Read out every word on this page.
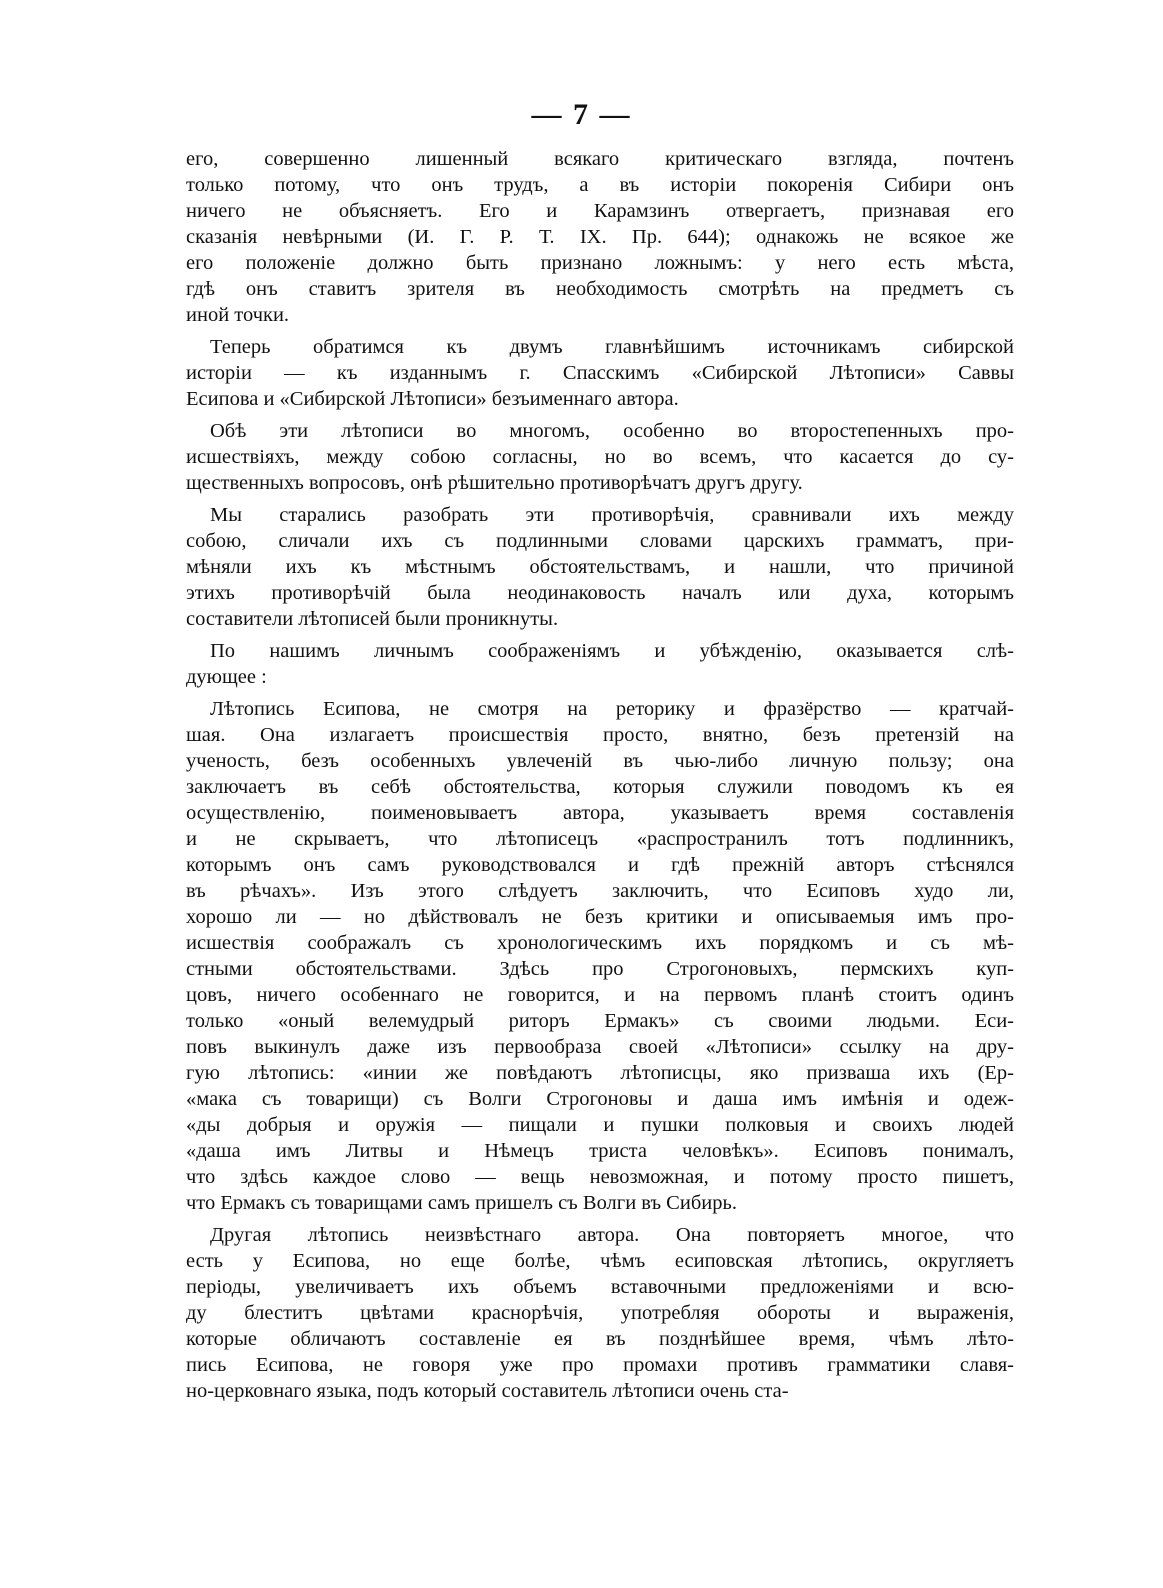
— 7 —
его, совершенно лишенный всякаго критическаго взгляда, почтенъ
только потому, что онъ трудъ, а въ исторіи покоренія Сибири онъ
ничего не объясняетъ. Его и Карамзинъ отвергаетъ, признавая его
сказанія невѣрными (И. Г. Р. Т. IX. Пр. 644); однакожь не всякое же
его положеніе должно быть признано ложнымъ: у него есть мѣста,
гдѣ онъ ставитъ зрителя въ необходимость смотрѣть на предметъ съ
иной точки.
Теперь обратимся къ двумъ главнѣйшимъ источникамъ сибирской
исторіи — къ изданнымъ г. Спасскимъ «Сибирской Лѣтописи» Саввы
Есипова и «Сибирской Лѣтописи» безъименнаго автора.
Обѣ эти лѣтописи во многомъ, особенно во второстепенныхъ про-
исшествіяхъ, между собою согласны, но во всемъ, что касается до су-
щественныхъ вопросовъ, онѣ рѣшительно противорѣчатъ другъ другу.
Мы старались разобрать эти противорѣчія, сравнивали ихъ между
собою, сличали ихъ съ подлинными словами царскихъ грамматъ, при-
мѣняли ихъ къ мѣстнымъ обстоятельствамъ, и нашли, что причиной
этихъ противорѣчій была неодинаковость началъ или духа, которымъ
составители лѣтописей были проникнуты.
По нашимъ личнымъ соображеніямъ и убѣжденію, оказывается слѣ-
дующее :
Лѣтопись Есипова, не смотря на реторику и фразёрство — кратчай-
шая. Она излагаетъ происшествія просто, внятно, безъ претензій на
ученость, безъ особенныхъ увлеченій въ чью-либо личную пользу; она
заключаетъ въ себѣ обстоятельства, которыя служили поводомъ къ ея
осуществленію, поименовываетъ автора, указываетъ время составленія
и не скрываетъ, что лѣтописецъ «распространилъ тотъ подлинникъ,
которымъ онъ самъ руководствовался и гдѣ прежній авторъ стѣснялся
въ рѣчахъ». Изъ этого слѣдуетъ заключить, что Есиповъ худо ли,
хорошо ли — но дѣйствовалъ не безъ критики и описываемыя имъ про-
исшествія соображалъ съ хронологическимъ ихъ порядкомъ и съ мѣ-
стными обстоятельствами. Здѣсь про Строгоновыхъ, пермскихъ куп-
цовъ, ничего особеннаго не говорится, и на первомъ планѣ стоитъ одинъ
только «оный велемудрый риторъ Ермакъ» съ своими людьми. Еси-
повъ выкинулъ даже изъ первообраза своей «Лѣтописи» ссылку на дру-
гую лѣтопись: «инии же повѣдаютъ лѣтописцы, яко призваша ихъ (Ер-
«мака съ товарищи) съ Волги Строгоновы и даша имъ имѣнія и одеж-
«ды добрыя и оружія — пищали и пушки полковыя и своихъ людей
«даша имъ Литвы и Нѣмецъ триста человѣкъ». Есиповъ понималъ,
что здѣсь каждое слово — вещь невозможная, и потому просто пишетъ,
что Ермакъ съ товарищами самъ пришелъ съ Волги въ Сибирь.
Другая лѣтопись неизвѣстнаго автора. Она повторяетъ многое, что
есть у Есипова, но еще болѣе, чѣмъ есиповская лѣтопись, округляетъ
періоды, увеличиваетъ ихъ объемъ вставочными предложеніями и всю-
ду блеститъ цвѣтами краснорѣчія, употребляя обороты и выраженія,
которые обличаютъ составленіе ея въ позднѣйшее время, чѣмъ лѣто-
пись Есипова, не говоря уже про промахи противъ грамматики славя-
но-церковнаго языка, подъ который составитель лѣтописи очень ста-
